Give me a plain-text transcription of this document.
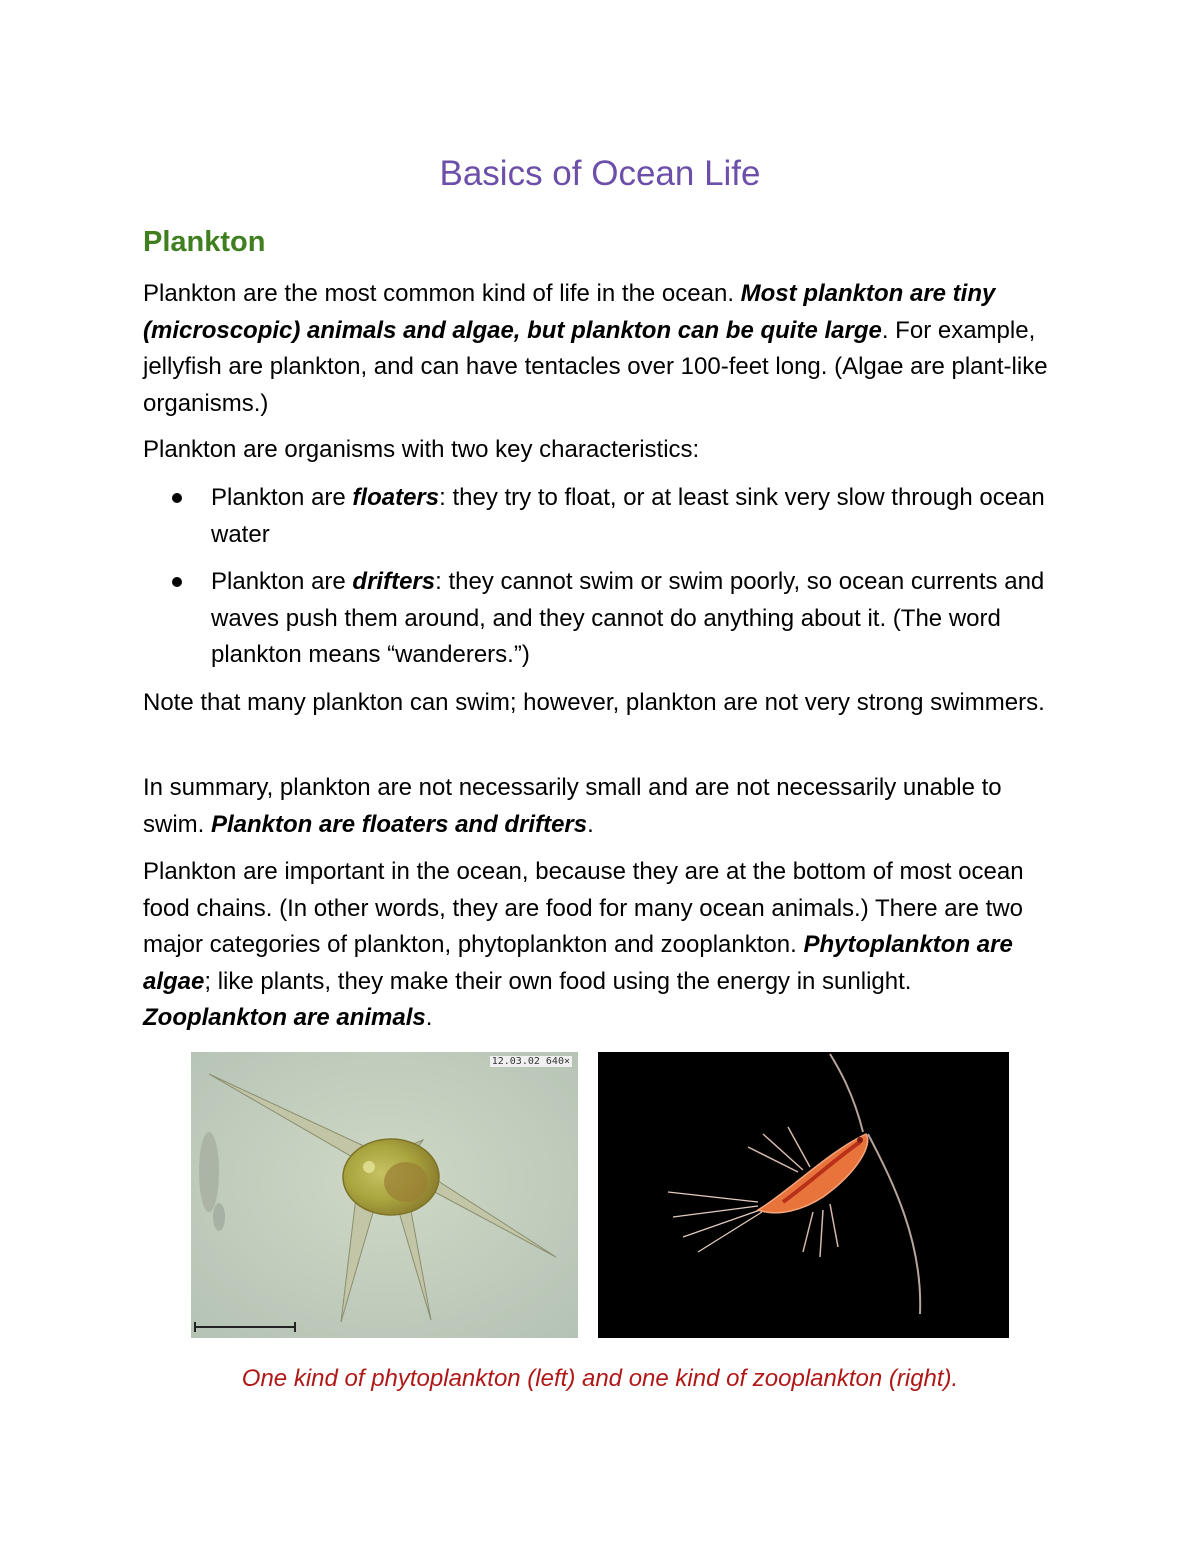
Basics of Ocean Life
Plankton

Plankton are the most common kind of life in the ocean. Most plankton are tiny (microscopic) animals and algae, but plankton can be quite large. For example, jellyfish are plankton, and can have tentacles over 100-feet long. (Algae are plant-like organisms.)

Plankton are organisms with two key characteristics:

Plankton are floaters: they try to float, or at least sink very slow through ocean water
Plankton are drifters: they cannot swim or swim poorly, so ocean currents and waves push them around, and they cannot do anything about it. (The word plankton means “wanderers.”)

Note that many plankton can swim; however, plankton are not very strong swimmers.

In summary, plankton are not necessarily small and are not necessarily unable to swim. Plankton are floaters and drifters.

Plankton are important in the ocean, because they are at the bottom of most ocean food chains. (In other words, they are food for many ocean animals.) There are two major categories of plankton, phytoplankton and zooplankton. Phytoplankton are algae; like plants, they make their own food using the energy in sunlight. Zooplankton are animals.

12.03.02 640×

One kind of phytoplankton (left) and one kind of zooplankton (right).
